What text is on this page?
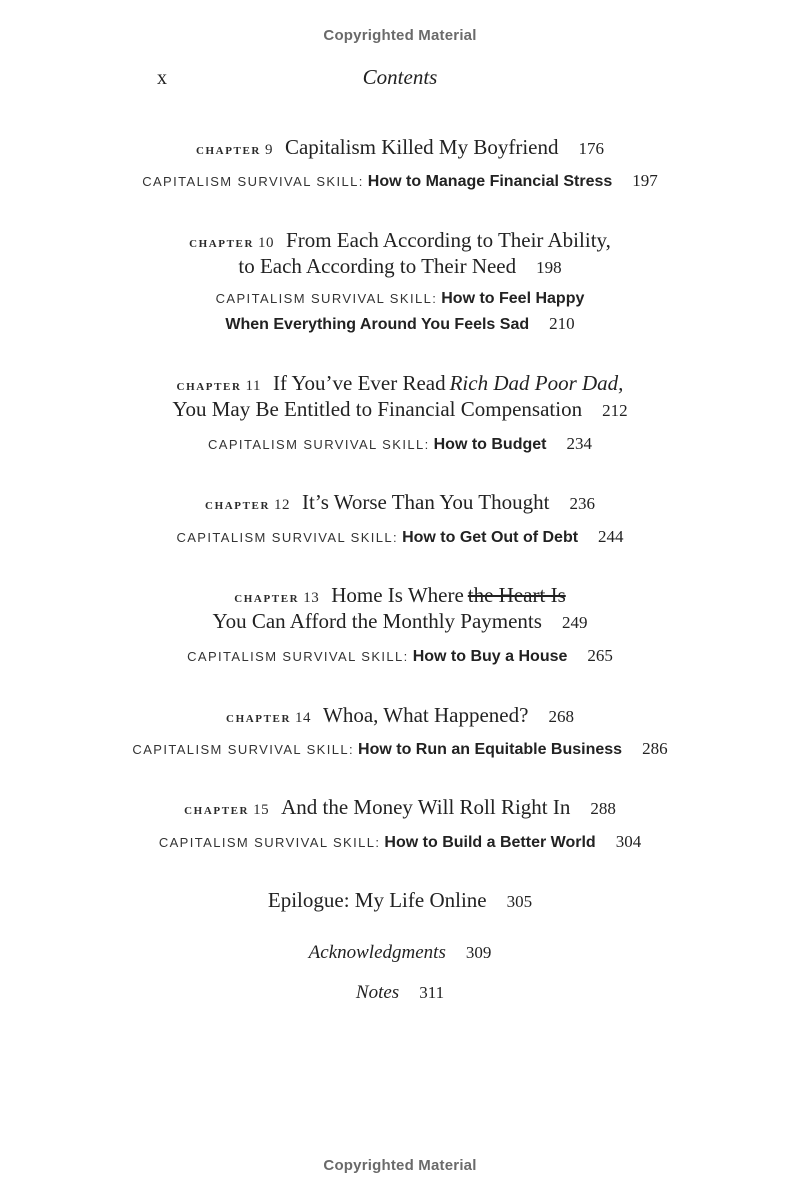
Copyrighted Material
x	Contents
chapter 9 Capitalism Killed My Boyfriend 176
CAPITALISM SURVIVAL SKILL: How to Manage Financial Stress 197
chapter 10 From Each According to Their Ability,
to Each According to Their Need 198
CAPITALISM SURVIVAL SKILL: How to Feel Happy
When Everything Around You Feels Sad 210
chapter 11 If You’ve Ever Read Rich Dad Poor Dad,
You May Be Entitled to Financial Compensation 212
CAPITALISM SURVIVAL SKILL: How to Budget 234
chapter 12 It’s Worse Than You Thought 236
CAPITALISM SURVIVAL SKILL: How to Get Out of Debt 244
chapter 13 Home Is Where the Heart Is
You Can Afford the Monthly Payments 249
CAPITALISM SURVIVAL SKILL: How to Buy a House 265
chapter 14 Whoa, What Happened? 268
CAPITALISM SURVIVAL SKILL: How to Run an Equitable Business 286
chapter 15 And the Money Will Roll Right In 288
CAPITALISM SURVIVAL SKILL: How to Build a Better World 304
Epilogue: My Life Online 305
Acknowledgments 309
Notes 311
Copyrighted Material
